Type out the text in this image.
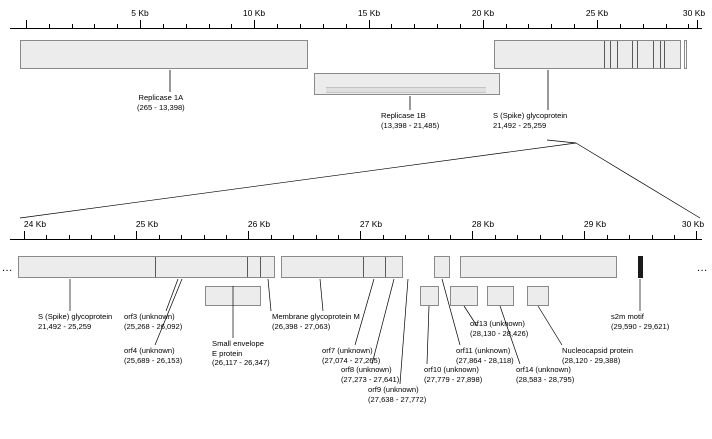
5 Kb	10 Kb	15 Kb	20 Kb	25 Kb	30 Kb
Replicase 1A
(265 - 13,398)
Replicase 1B
(13,398 - 21,485)
S (Spike) glycoprotein
21,492 - 25,259
24 Kb	25 Kb	26 Kb	27 Kb	28 Kb	29 Kb	30 Kb
...	...
S (Spike) glycoprotein
21,492 - 25,259
orf3 (unknown)
(25,268 - 26,092)
orf4 (unknown)
(25,689 - 26,153)
Small envelope
E protein
(26,117 - 26,347)
Membrane glycoprotein M
(26,398 - 27,063)
orf7 (unknown)
(27,074 - 27,265)
orf8 (unknown)
(27,273 - 27,641)
orf9 (unknown)
(27,638 - 27,772)
orf10 (unknown)
(27,779 - 27,898)
orf11 (unknown)
(27,864 - 28,118)
orf13 (unknown)
(28,130 - 28,426)
orf14 (unknown)
(28,583 - 28,795)
Nucleocapsid protein
(28,120 - 29,388)
s2m motif
(29,590 - 29,621)
